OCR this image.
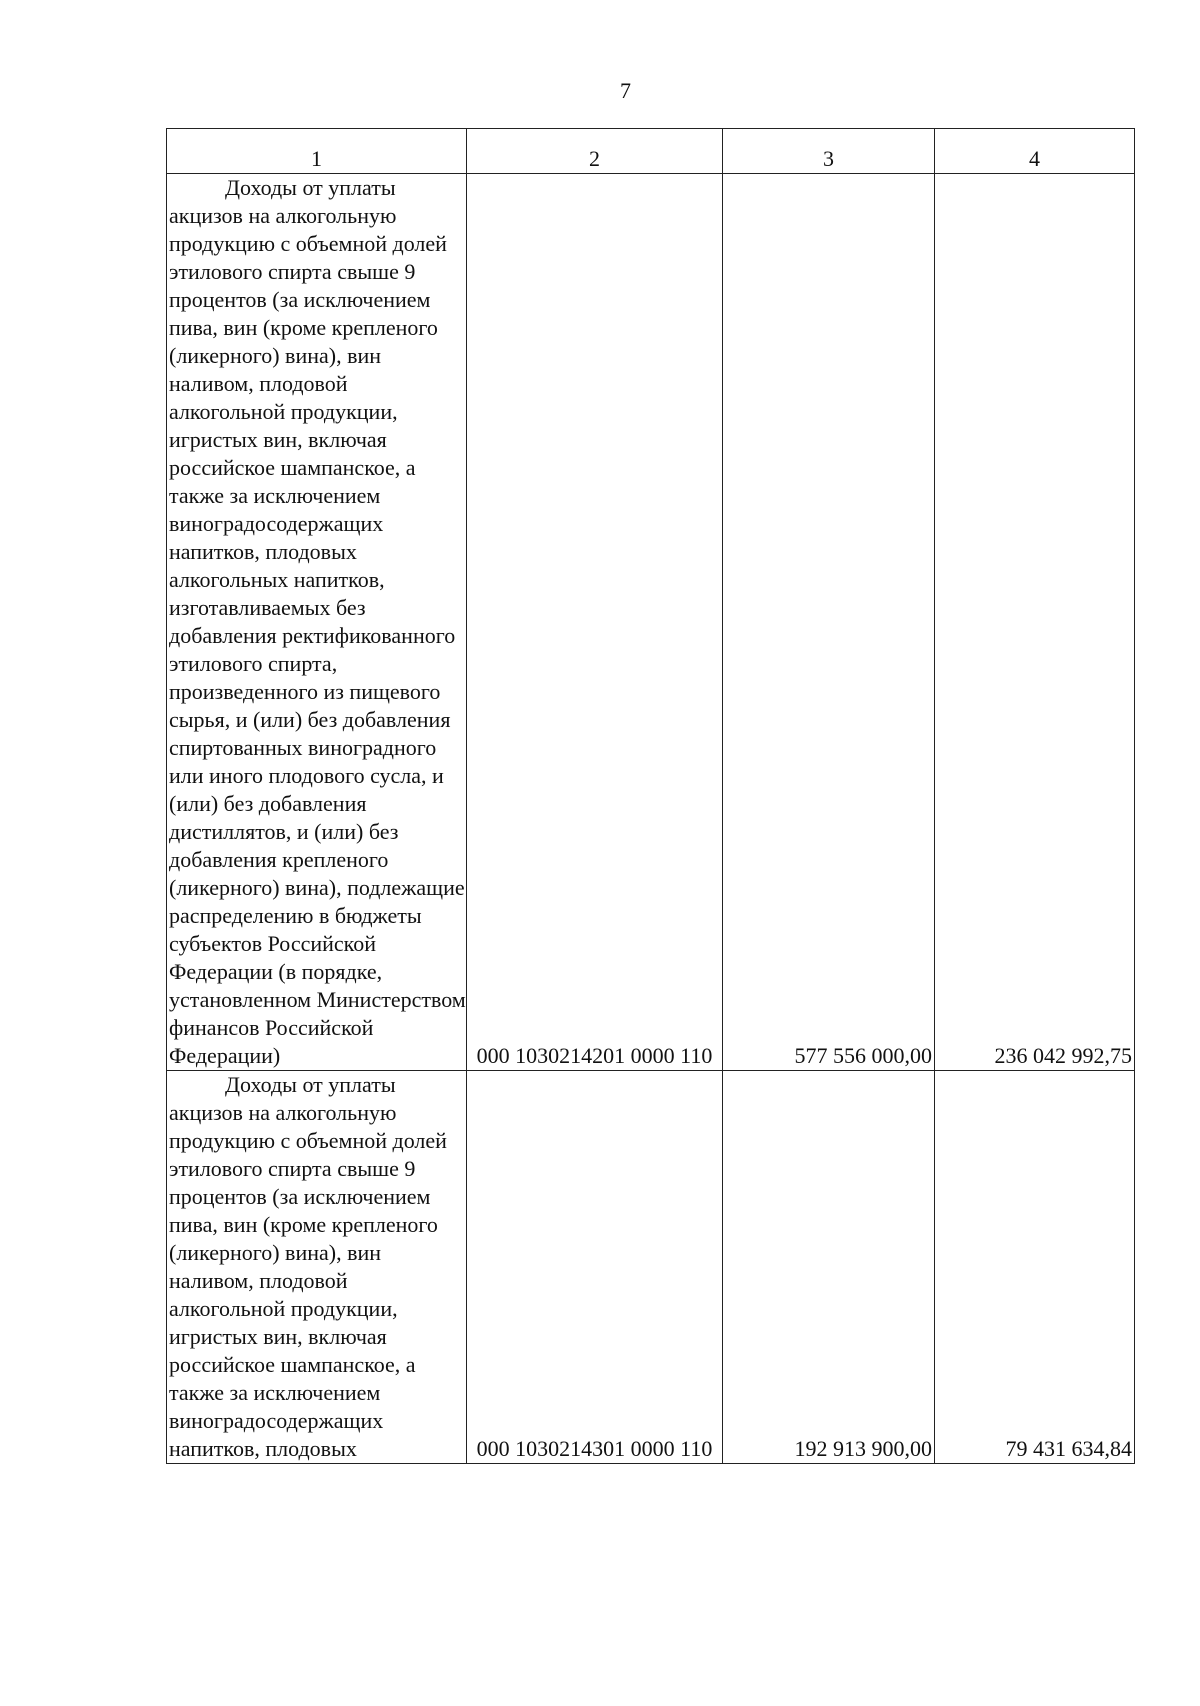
7
1	2	3	4
Доходы от уплаты акцизов на алкогольную продукцию с объемной долей этилового спирта свыше 9 процентов (за исключением пива, вин (кроме крепленого (ликерного) вина), вин наливом, плодовой алкогольной продукции, игристых вин, включая российское шампанское, а также за исключением виноградосодержащих напитков, плодовых алкогольных напитков, изготавливаемых без добавления ректификованного этилового спирта, произведенного из пищевого сырья, и (или) без добавления спиртованных виноградного или иного плодового сусла, и (или) без добавления дистиллятов, и (или) без добавления крепленого (ликерного) вина), подлежащие распределению в бюджеты субъектов Российской Федерации (в порядке, установленном Министерством финансов Российской Федерации)	000 1030214201 0000 110	577 556 000,00	236 042 992,75
Доходы от уплаты акцизов на алкогольную продукцию с объемной долей этилового спирта свыше 9 процентов (за исключением пива, вин (кроме крепленого (ликерного) вина), вин наливом, плодовой алкогольной продукции, игристых вин, включая российское шампанское, а также за исключением виноградосодержащих напитков, плодовых	000 1030214301 0000 110	192 913 900,00	79 431 634,84
